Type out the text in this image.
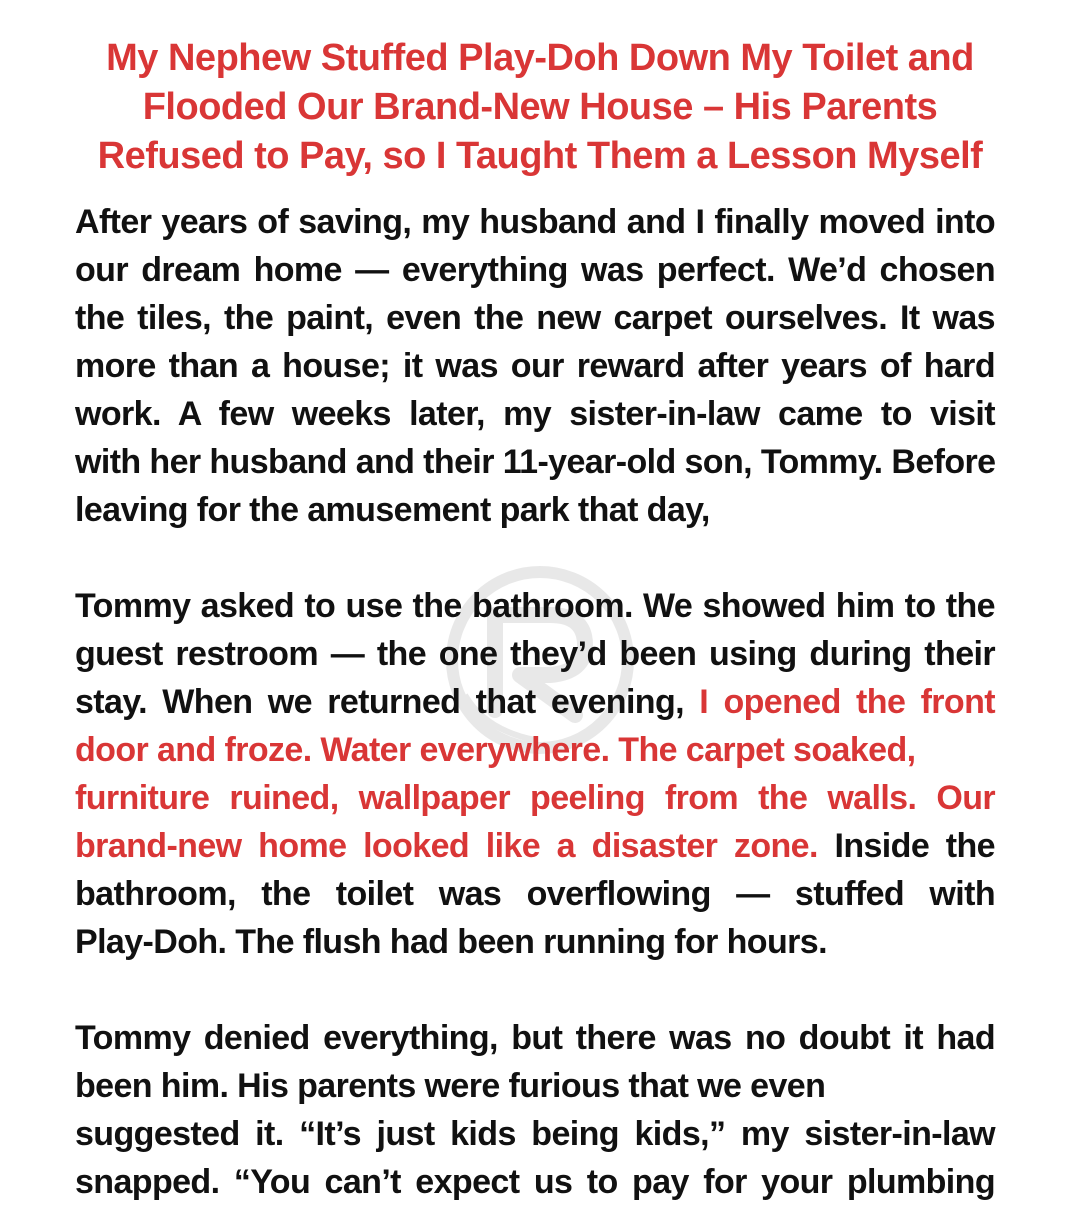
My Nephew Stuffed Play-Doh Down My Toilet and
Flooded Our Brand-New House – His Parents
Refused to Pay, so I Taught Them a Lesson Myself
After years of saving, my husband and I finally moved into
our dream home — everything was perfect. We’d chosen
the tiles, the paint, even the new carpet ourselves. It was
more than a house; it was our reward after years of hard
work. A few weeks later, my sister-in-law came to visit
with her husband and their 11-year-old son, Tommy. Before
leaving for the amusement park that day,
Tommy asked to use the bathroom. We showed him to the
guest restroom — the one they’d been using during their
stay. When we returned that evening, I opened the front
door and froze. Water everywhere. The carpet soaked,
furniture ruined, wallpaper peeling from the walls. Our
brand-new home looked like a disaster zone. Inside the
bathroom, the toilet was overflowing — stuffed with
Play-Doh. The flush had been running for hours.
Tommy denied everything, but there was no doubt it had
been him. His parents were furious that we even
suggested it. “It’s just kids being kids,” my sister-in-law
snapped. “You can’t expect us to pay for your plumbing
